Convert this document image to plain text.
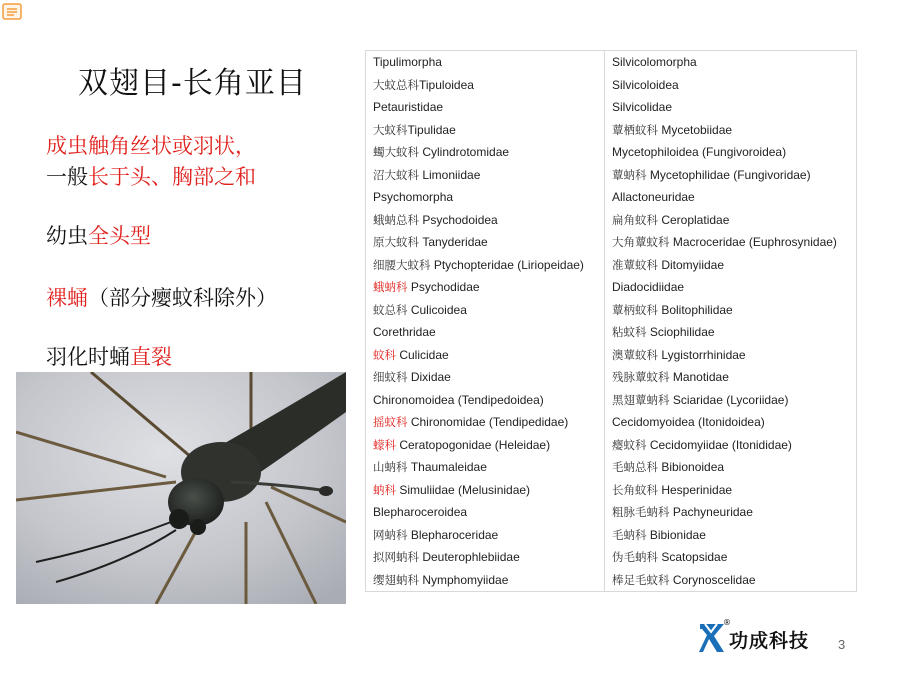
双翅目-长角亚目
成虫触角丝状或羽状，
一般长于头、胸部之和
幼虫全头型
裸蛹（部分瘿蚊科除外）
羽化时蛹直裂
Tipulimorpha	Silvicolomorpha
大蚊总科Tipuloidea	Silvicoloidea
Petauristidae	Silvicolidae
大蚊科Tipulidae	蕈栖蚊科 Mycetobiidae
蠋大蚊科 Cylindrotomidae	Mycetophiloidea (Fungivoroidea)
沼大蚊科 Limoniidae	蕈蚋科 Mycetophilidae (Fungivoridae)
Psychomorpha	Allactoneuridae
蛾蚋总科 Psychodoidea	扁角蚊科 Ceroplatidae
原大蚊科 Tanyderidae	大角蕈蚊科 Macroceridae (Euphrosynidae)
细腰大蚊科 Ptychopteridae (Liriopeidae)	准蕈蚊科 Ditomyiidae
蛾蚋科 Psychodidae	Diadocidiidae
蚊总科 Culicoidea	蕈柄蚊科 Bolitophilidae
Corethridae	粘蚊科 Sciophilidae
蚊科 Culicidae	澳蕈蚊科 Lygistorrhinidae
细蚊科 Dixidae	残脉蕈蚊科 Manotidae
Chironomoidea (Tendipedoidea)	黑翅蕈蚋科 Sciaridae (Lycoriidae)
摇蚊科 Chironomidae (Tendipedidae)	Cecidomyoidea (Itonidoidea)
蠓科 Ceratopogonidae (Heleidae)	瘿蚊科 Cecidomyiidae (Itonididae)
山蚋科 Thaumaleidae	毛蚋总科 Bibionoidea
蚋科 Simuliidae (Melusinidae)	长角蚊科 Hesperinidae
Blepharoceroidea	粗脉毛蚋科 Pachyneuridae
网蚋科 Blepharoceridae	毛蚋科 Bibionidae
拟网蚋科 Deuterophlebiidae	伪毛蚋科 Scatopsidae
缨翅蚋科 Nymphomyiidae	棒足毛蚊科 Corynoscelidae
®
功成科技 3
